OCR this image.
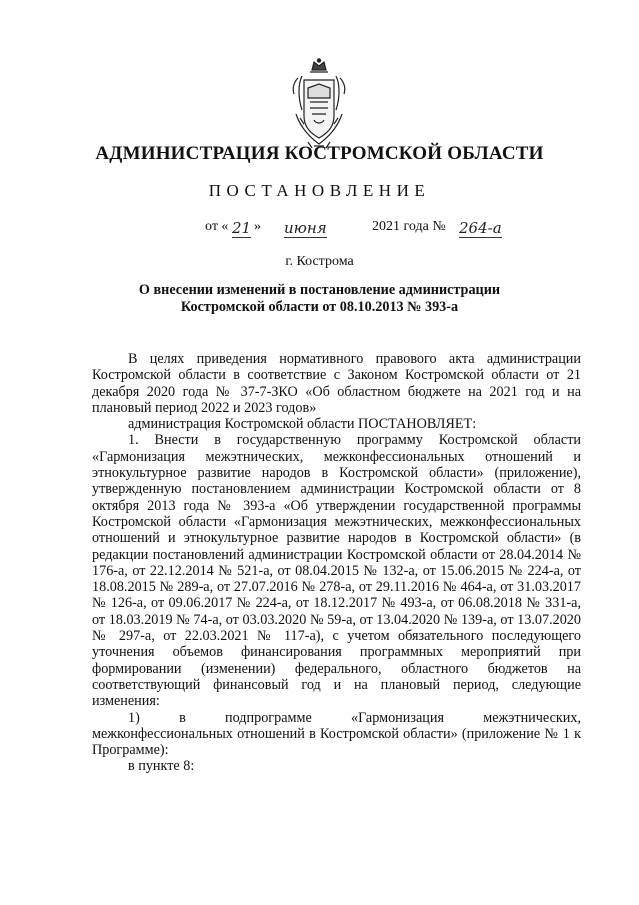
АДМИНИСТРАЦИЯ КОСТРОМСКОЙ ОБЛАСТИ
ПОСТАНОВЛЕНИЕ
от « 21 » июня	2021 года № 264-а
г. Кострома
О внесении изменений в постановление администрации
Костромской области от 08.10.2013 № 393-а

В целях приведения нормативного правового акта администрации Костромской области в соответствие с Законом Костромской области от 21 декабря 2020 года № 37-7-ЗКО «Об областном бюджете на 2021 год и на плановый период 2022 и 2023 годов»

администрация Костромской области ПОСТАНОВЛЯЕТ:

1. Внести в государственную программу Костромской области «Гармонизация межэтнических, межконфессиональных отношений и этнокультурное развитие народов в Костромской области» (приложение), утвержденную постановлением администрации Костромской области от 8 октября 2013 года № 393-а «Об утверждении государственной программы Костромской области «Гармонизация межэтнических, межконфессиональных отношений и этнокультурное развитие народов в Костромской области» (в редакции постановлений администрации Костромской области от 28.04.2014 № 176-а, от 22.12.2014 № 521-а, от 08.04.2015 № 132-а, от 15.06.2015 № 224-а, от 18.08.2015 № 289-а, от 27.07.2016 № 278-а, от 29.11.2016 № 464-а, от 31.03.2017 № 126-а, от 09.06.2017 № 224-а, от 18.12.2017 № 493-а, от 06.08.2018 № 331-а, от 18.03.2019 № 74-а, от 03.03.2020 № 59-а, от 13.04.2020 № 139-а, от 13.07.2020 № 297-а, от 22.03.2021 № 117-а), с учетом обязательного последующего уточнения объемов финансирования программных мероприятий при формировании (изменении) федерального, областного бюджетов на соответствующий финансовый год и на плановый период, следующие изменения:

1) в подпрограмме «Гармонизация межэтнических, межконфессиональных отношений в Костромской области» (приложение № 1 к Программе):

в пункте 8:
